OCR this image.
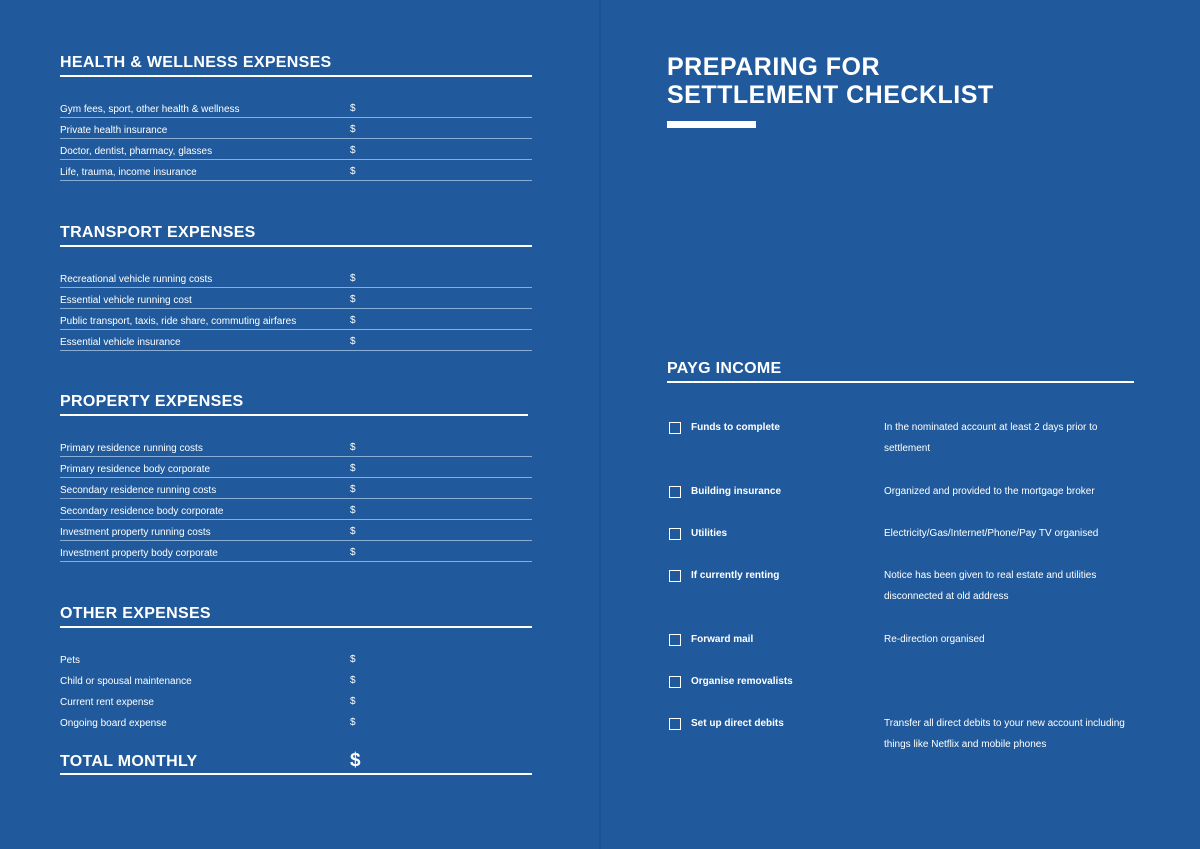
HEALTH & WELLNESS EXPENSES
Gym fees, sport, other health & wellness	$
Private health insurance	$
Doctor, dentist, pharmacy, glasses	$
Life, trauma, income insurance	$
TRANSPORT EXPENSES
Recreational vehicle running costs	$
Essential vehicle running cost	$
Public transport, taxis, ride share, commuting airfares	$
Essential vehicle insurance	$
PROPERTY EXPENSES
Primary residence running costs	$
Primary residence body corporate	$
Secondary residence running costs	$
Secondary residence body corporate	$
Investment property running costs	$
Investment property body corporate	$
OTHER EXPENSES
Pets	$
Child or spousal maintenance	$
Current rent expense	$
Ongoing board expense	$
TOTAL MONTHLY	$
PREPARING FOR
SETTLEMENT CHECKLIST
PAYG INCOME
Funds to complete	In the nominated account at least 2 days prior to settlement
Building insurance	Organized and provided to the mortgage broker
Utilities	Electricity/Gas/Internet/Phone/Pay TV organised
If currently renting	Notice has been given to real estate and utilities disconnected at old address
Forward mail	Re-direction organised
Organise removalists
Set up direct debits	Transfer all direct debits to your new account including things like Netflix and mobile phones
